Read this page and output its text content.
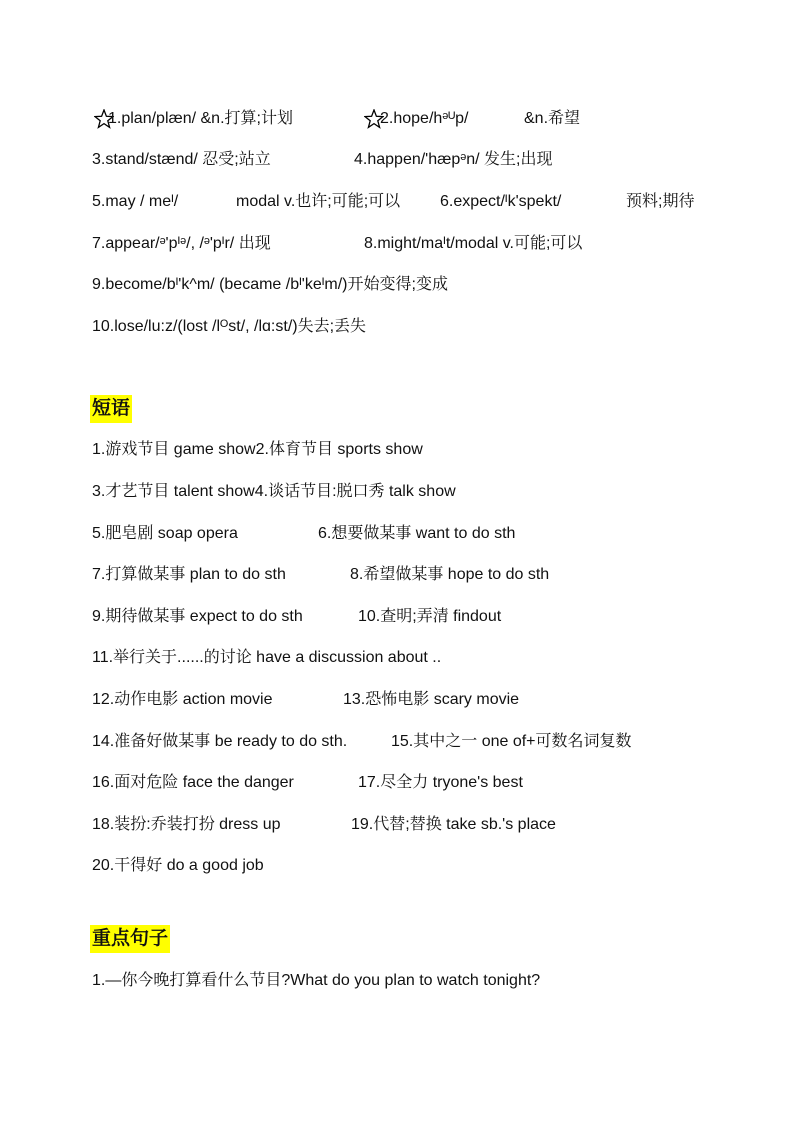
1.plan/plæn/ &n.打算;计划	2.hope/hᵊᵁp/	&n.希望
3.stand/stænd/ 忍受;站立	4.happen/'hæpᵊn/ 发生;出现
5.may / meᴵ/	modal v.也许;可能;可以 6.expect/ᴵk'spekt/	预料;期待
7.appear/ᵊ'pᴵᵊ/, /ᵊ'pᴵr/ 出现	8.might/maᴵt/modal v.可能;可以
9.become/bᴵ'k^m/ (became /bᴵ'keᴵm/)开始变得;变成
10.lose/lu:z/(lost /lᴼst/, /lɑ:st/)失去;丢失
短语
1.游戏节目 game show2.体育节目 sports show
3.才艺节目 talent show4.谈话节目:脱口秀 talk show
5.肥皂剧 soap opera	6.想要做某事 want to do sth
7.打算做某事 plan to do sth	8.希望做某事 hope to do sth
9.期待做某事 expect to do sth	10.查明;弄清 findout
11.举行关于......的讨论 have a discussion about ..
12.动作电影 action movie	13.恐怖电影 scary movie
14.准备好做某事 be ready to do sth.	15.其中之一 one of+可数名词复数
16.面对危险 face the danger	17.尽全力 tryone's best
18.装扮:乔装打扮 dress up	19.代替;替换 take sb.'s place
20.干得好 do a good job
重点句子
1.—你今晚打算看什么节目?What do you plan to watch tonight?
